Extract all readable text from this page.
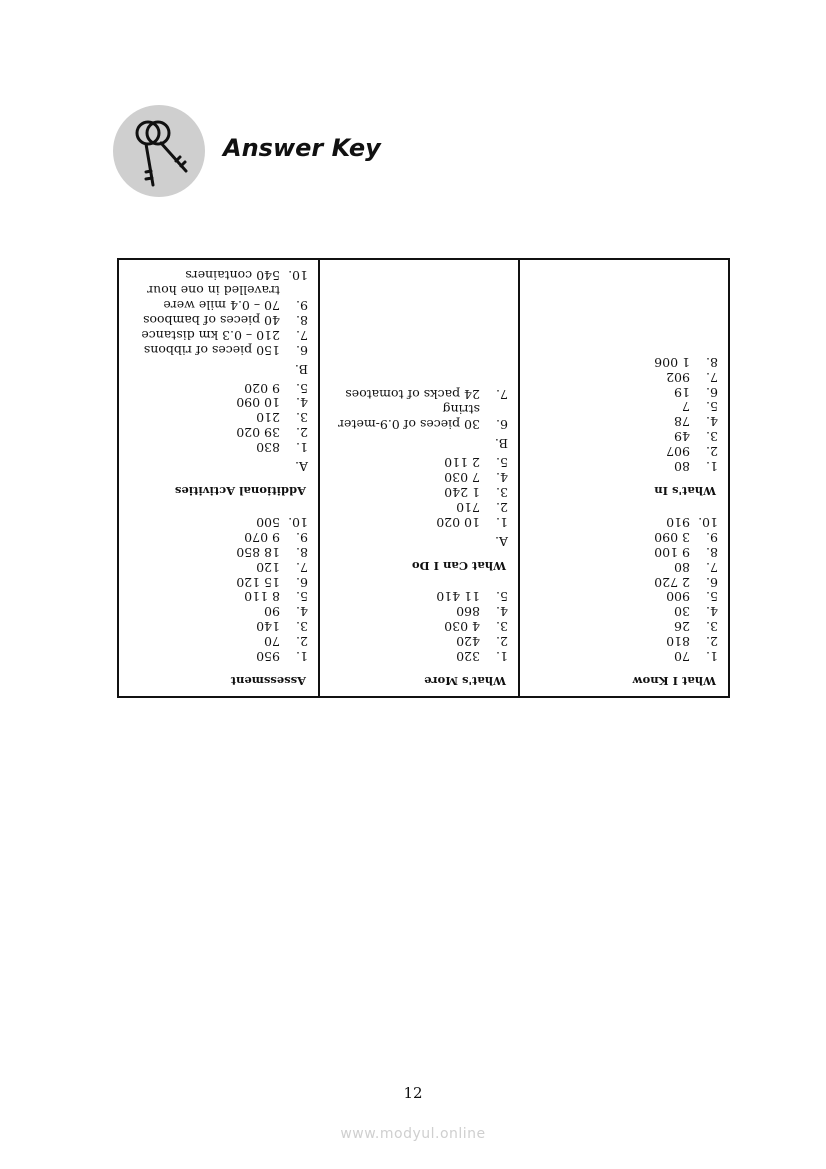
Answer Key
Assessment
1.
950
2.
70
3.
140
4.
90
5.
8 110
6.
15 120
7.
120
8.
18 850
9.
9 070
10.
500
Additional Activities
A.
1.
830
2.
39 020
3.
210
4.
10 090
5.
9 020
B.
6.
150 pieces of ribbons
7.
210 – 0.3 km distance
8.
40 pieces of bamboos
9.
70 – 0.4 mile were travelled in one hour
10.
540 containers
What's More
1.
320
2.
420
3.
4 030
4.
860
5.
11 410
What Can I Do
A.
1.
10 020
2.
710
3.
1 240
4.
7 030
5.
2 110
B.
6.
30 pieces of 0.9-meter string
7.
24 packs of tomatoes
What I Know
1.
70
2.
810
3.
26
4.
30
5.
900
6.
2 720
7.
80
8.
9 100
9.
3 090
10.
910
What's In
1.
80
2.
907
3.
49
4.
78
5.
7
6.
19
7.
902
8.
1 006
12
www.modyul.online
